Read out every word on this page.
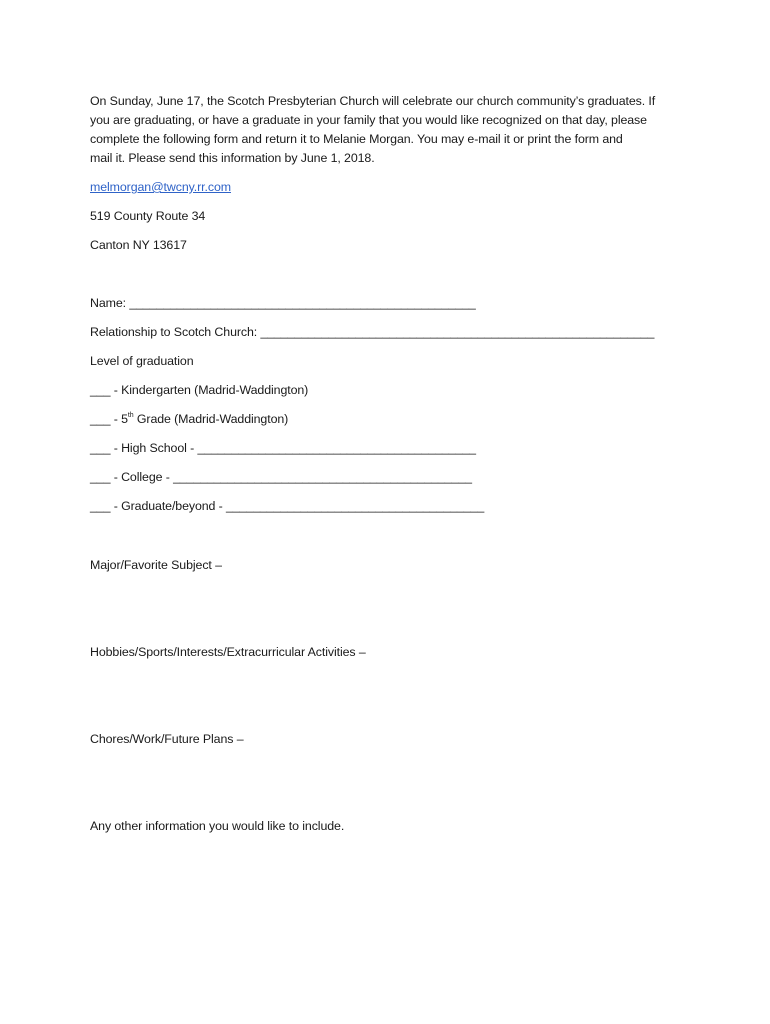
On Sunday, June 17, the Scotch Presbyterian Church will celebrate our church community’s graduates. If
you are graduating, or have a graduate in your family that you would like recognized on that day, please
complete the following form and return it to Melanie Morgan. You may e-mail it or print the form and
mail it. Please send this information by June 1, 2018.
melmorgan@twcny.rr.com
519 County Route 34
Canton NY 13617
Name: ___________________________________________________
Relationship to Scotch Church: __________________________________________________________
Level of graduation
___ - Kindergarten (Madrid-Waddington)
___ - 5th Grade (Madrid-Waddington)
___ - High School - _________________________________________
___ - College - ____________________________________________
___ - Graduate/beyond - ______________________________________
Major/Favorite Subject –
Hobbies/Sports/Interests/Extracurricular Activities –
Chores/Work/Future Plans –
Any other information you would like to include.
